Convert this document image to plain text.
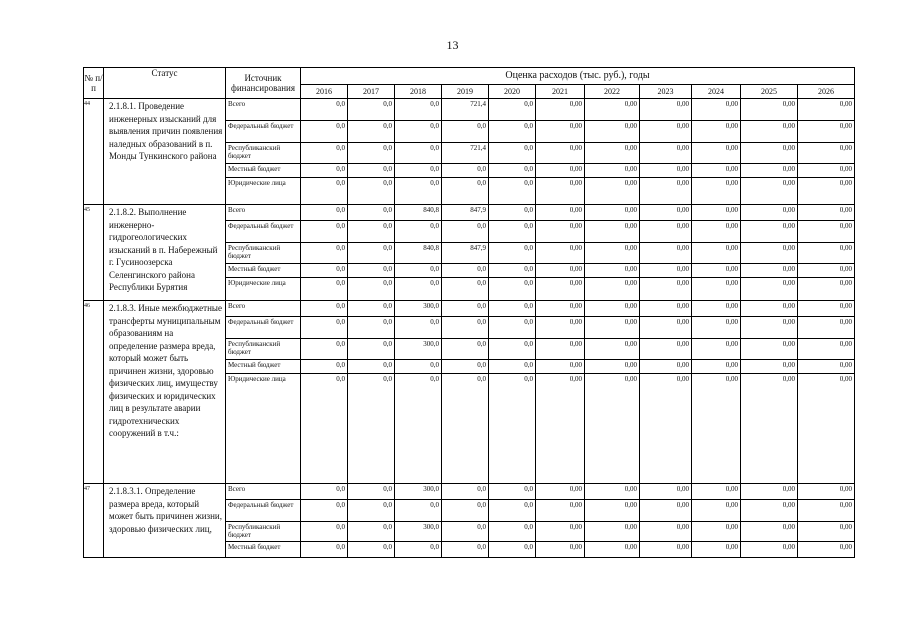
13
№ п/п	Статус	Источник финансирования	Оценка расходов (тыс. руб.), годы										
			2016	2017	2018	2019	2020	2021	2022	2023	2024	2025	2026
44	2.1.8.1. Проведение инженерных изысканий для выявления причин появления наледных образований в п. Монды Тункинского района	Всего	0,0	0,0	0,0	721,4	0,0	0,00	0,00	0,00	0,00	0,00	0,00
		Федеральный бюджет	0,0	0,0	0,0	0,0	0,0	0,00	0,00	0,00	0,00	0,00	0,00
		Республиканский бюджет	0,0	0,0	0,0	721,4	0,0	0,00	0,00	0,00	0,00	0,00	0,00
		Местный бюджет	0,0	0,0	0,0	0,0	0,0	0,00	0,00	0,00	0,00	0,00	0,00
		Юридические лица	0,0	0,0	0,0	0,0	0,0	0,00	0,00	0,00	0,00	0,00	0,00
45	2.1.8.2. Выполнение инженерно-гидрогеологических изысканий в п. Набережный г. Гусиноозерска Селенгинского района Республики Бурятия	Всего	0,0	0,0	840,8	847,9	0,0	0,00	0,00	0,00	0,00	0,00	0,00
		Федеральный бюджет	0,0	0,0	0,0	0,0	0,0	0,00	0,00	0,00	0,00	0,00	0,00
		Республиканский бюджет	0,0	0,0	840,8	847,9	0,0	0,00	0,00	0,00	0,00	0,00	0,00
		Местный бюджет	0,0	0,0	0,0	0,0	0,0	0,00	0,00	0,00	0,00	0,00	0,00
		Юридические лица	0,0	0,0	0,0	0,0	0,0	0,00	0,00	0,00	0,00	0,00	0,00
46	2.1.8.3. Иные межбюджетные трансферты муниципальным образованиям на определение размера вреда, который может быть причинен жизни, здоровью физических лиц, имуществу физических и юридических лиц в результате аварии гидротехнических сооружений в т.ч.:	Всего	0,0	0,0	300,0	0,0	0,0	0,00	0,00	0,00	0,00	0,00	0,00
		Федеральный бюджет	0,0	0,0	0,0	0,0	0,0	0,00	0,00	0,00	0,00	0,00	0,00
		Республиканский бюджет	0,0	0,0	300,0	0,0	0,0	0,00	0,00	0,00	0,00	0,00	0,00
		Местный бюджет	0,0	0,0	0,0	0,0	0,0	0,00	0,00	0,00	0,00	0,00	0,00
		Юридические лица	0,0	0,0	0,0	0,0	0,0	0,00	0,00	0,00	0,00	0,00	0,00
47	2.1.8.3.1. Определение размера вреда, который может быть причинен жизни, здоровью физических лиц,	Всего	0,0	0,0	300,0	0,0	0,0	0,00	0,00	0,00	0,00	0,00	0,00
		Федеральный бюджет	0,0	0,0	0,0	0,0	0,0	0,00	0,00	0,00	0,00	0,00	0,00
		Республиканский бюджет	0,0	0,0	300,0	0,0	0,0	0,00	0,00	0,00	0,00	0,00	0,00
		Местный бюджет	0,0	0,0	0,0	0,0	0,0	0,00	0,00	0,00	0,00	0,00	0,00
